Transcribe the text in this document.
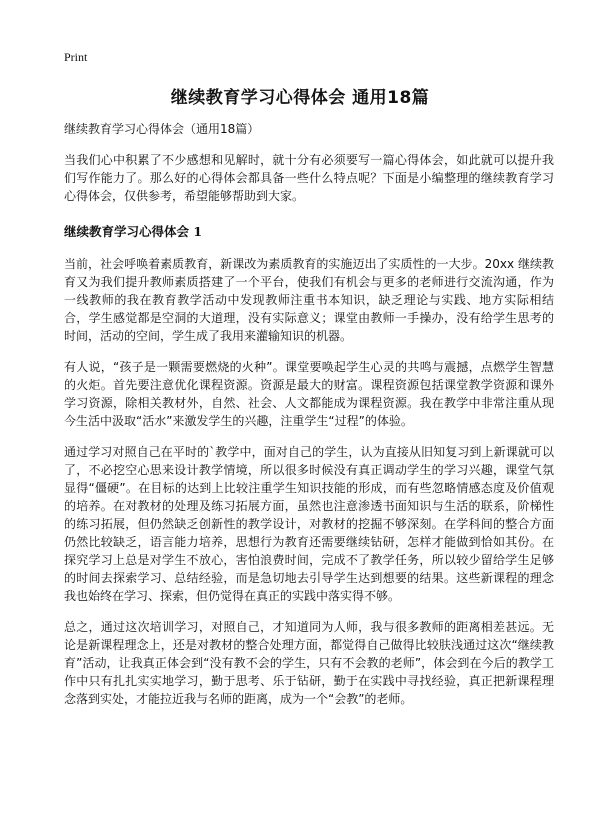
Print
继续教育学习心得体会 通用18篇
继续教育学习心得体会（通用18篇）

当我们心中积累了不少感想和见解时，就十分有必须要写一篇心得体会，如此就可以提升我们写作能力了。那么好的心得体会都具备一些什么特点呢？下面是小编整理的继续教育学习心得体会，仅供参考，希望能够帮助到大家。

继续教育学习心得体会 1

当前，社会呼唤着素质教育，新课改为素质教育的实施迈出了实质性的一大步。20xx 继续教育又为我们提升教师素质搭建了一个平台，使我们有机会与更多的老师进行交流沟通，作为一线教师的我在教育教学活动中发现教师注重书本知识，缺乏理论与实践、地方实际相结合，学生感觉都是空洞的大道理，没有实际意义；课堂由教师一手操办，没有给学生思考的时间，活动的空间，学生成了我用来灌输知识的机器。

有人说，“孩子是一颗需要燃烧的火种”。课堂要唤起学生心灵的共鸣与震撼，点燃学生智慧的火炬。首先要注意优化课程资源。资源是最大的财富。课程资源包括课堂教学资源和课外学习资源，除相关教材外，自然、社会、人文都能成为课程资源。我在教学中非常注重从现今生活中汲取“活水”来激发学生的兴趣，注重学生“过程”的体验。

通过学习对照自己在平时的`教学中，面对自己的学生，认为直接从旧知复习到上新课就可以了，不必挖空心思来设计教学情境，所以很多时候没有真正调动学生的学习兴趣，课堂气氛显得“僵硬”。在目标的达到上比较注重学生知识技能的形成，而有些忽略情感态度及价值观的培养。在对教材的处理及练习拓展方面，虽然也注意渗透书面知识与生活的联系，阶梯性的练习拓展，但仍然缺乏创新性的教学设计，对教材的挖掘不够深刻。在学科间的整合方面仍然比较缺乏，语言能力培养，思想行为教育还需要继续钻研，怎样才能做到恰如其份。在探究学习上总是对学生不放心，害怕浪费时间，完成不了教学任务，所以较少留给学生足够的时间去探索学习、总结经验，而是急切地去引导学生达到想要的结果。这些新课程的理念我也始终在学习、探索，但仍觉得在真正的实践中落实得不够。

总之，通过这次培训学习，对照自己，才知道同为人师，我与很多教师的距离相差甚远。无论是新课程理念上，还是对教材的整合处理方面，都觉得自己做得比较肤浅通过这次“继续教育”活动，让我真正体会到“没有教不会的学生，只有不会教的老师”，体会到在今后的教学工作中只有扎扎实实地学习，勤于思考、乐于钻研，勤于在实践中寻找经验，真正把新课程理念落到实处，才能拉近我与名师的距离，成为一个“会教”的老师。
